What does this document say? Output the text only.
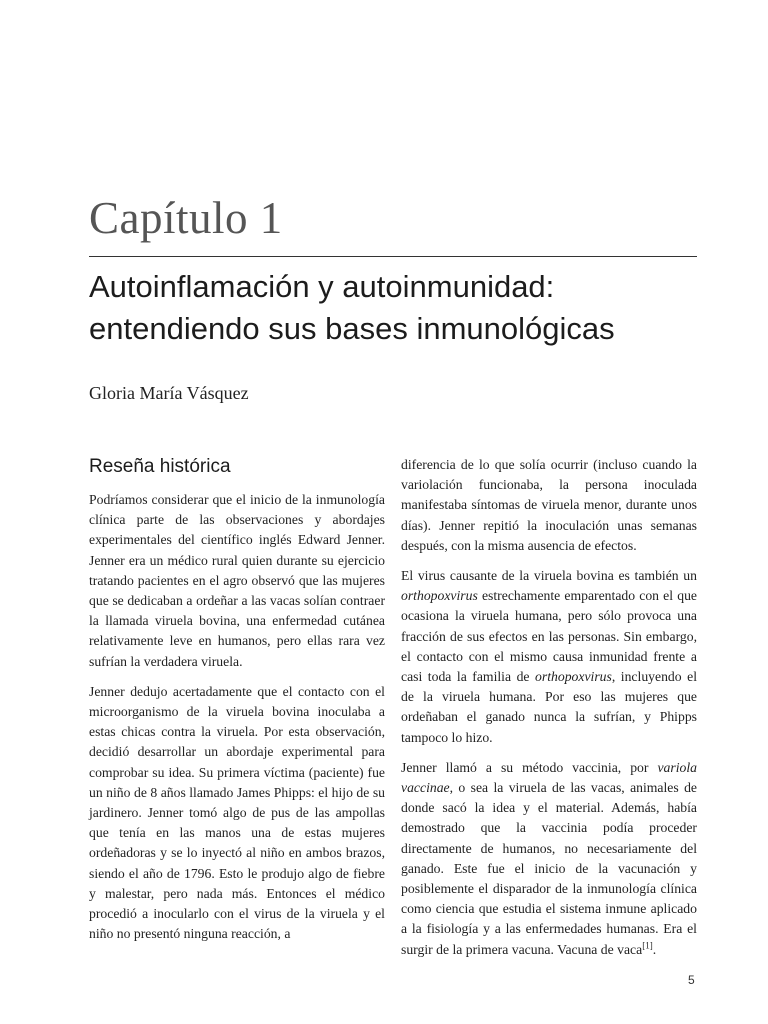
Capítulo 1
Autoinflamación y autoinmunidad:
entendiendo sus bases inmunológicas
Gloria María Vásquez
Reseña histórica

Podríamos considerar que el inicio de la inmunología clínica parte de las observaciones y abordajes experimentales del científico inglés Edward Jenner. Jenner era un médico rural quien durante su ejercicio tratando pacientes en el agro observó que las mujeres que se dedicaban a ordeñar a las vacas solían contraer la llamada viruela bovina, una enfermedad cutánea relativamente leve en humanos, pero ellas rara vez sufrían la verdadera viruela.

Jenner dedujo acertadamente que el contacto con el microorganismo de la viruela bovina inoculaba a estas chicas contra la viruela. Por esta observación, decidió desarrollar un abordaje experimental para comprobar su idea. Su primera víctima (paciente) fue un niño de 8 años llamado James Phipps: el hijo de su jardinero. Jenner tomó algo de pus de las ampollas que tenía en las manos una de estas mujeres ordeñadoras y se lo inyectó al niño en ambos brazos, siendo el año de 1796. Esto le produjo algo de fiebre y malestar, pero nada más. Entonces el médico procedió a inocularlo con el virus de la viruela y el niño no presentó ninguna reacción, a

diferencia de lo que solía ocurrir (incluso cuando la variolación funcionaba, la persona inoculada manifestaba síntomas de viruela menor, durante unos días). Jenner repitió la inoculación unas semanas después, con la misma ausencia de efectos.

El virus causante de la viruela bovina es también un orthopoxvirus estrechamente emparentado con el que ocasiona la viruela humana, pero sólo provoca una fracción de sus efectos en las personas. Sin embargo, el contacto con el mismo causa inmunidad frente a casi toda la familia de orthopoxvirus, incluyendo el de la viruela humana. Por eso las mujeres que ordeñaban el ganado nunca la sufrían, y Phipps tampoco lo hizo.

Jenner llamó a su método vaccinia, por variola vaccinae, o sea la viruela de las vacas, animales de donde sacó la idea y el material. Además, había demostrado que la vaccinia podía proceder directamente de humanos, no necesariamente del ganado. Este fue el inicio de la vacunación y posiblemente el disparador de la inmunología clínica como ciencia que estudia el sistema inmune aplicado a la fisiología y a las enfermedades humanas. Era el surgir de la primera vacuna. Vacuna de vaca[1].

5
